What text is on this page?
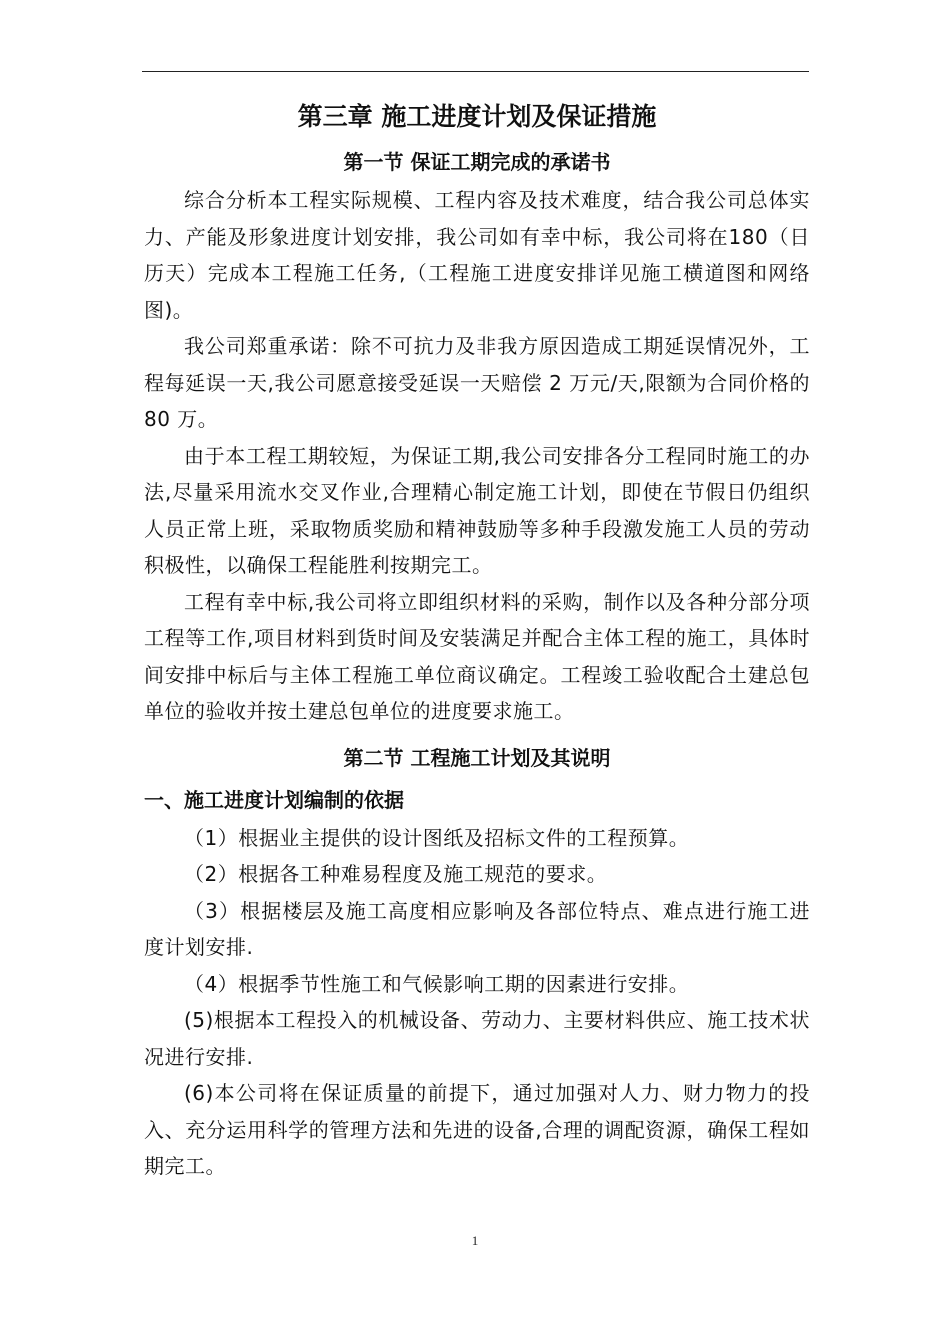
第三章 施工进度计划及保证措施
第一节 保证工期完成的承诺书

综合分析本工程实际规模、工程内容及技术难度，结合我公司总体实力、产能及形象进度计划安排，我公司如有幸中标，我公司将在180（日历天）完成本工程施工任务,（工程施工进度安排详见施工横道图和网络图)。

我公司郑重承诺：除不可抗力及非我方原因造成工期延误情况外，工程每延误一天,我公司愿意接受延误一天赔偿 2 万元/天,限额为合同价格的 80 万。

由于本工程工期较短，为保证工期,我公司安排各分工程同时施工的办法,尽量采用流水交叉作业,合理精心制定施工计划，即使在节假日仍组织人员正常上班，采取物质奖励和精神鼓励等多种手段激发施工人员的劳动积极性，以确保工程能胜利按期完工。

工程有幸中标,我公司将立即组织材料的采购，制作以及各种分部分项工程等工作,项目材料到货时间及安装满足并配合主体工程的施工，具体时间安排中标后与主体工程施工单位商议确定。工程竣工验收配合土建总包单位的验收并按土建总包单位的进度要求施工。

第二节 工程施工计划及其说明
一、施工进度计划编制的依据

（1）根据业主提供的设计图纸及招标文件的工程预算。

（2）根据各工种难易程度及施工规范的要求。

（3）根据楼层及施工高度相应影响及各部位特点、难点进行施工进度计划安排.

（4）根据季节性施工和气候影响工期的因素进行安排。

(5)根据本工程投入的机械设备、劳动力、主要材料供应、施工技术状况进行安排.

(6)本公司将在保证质量的前提下，通过加强对人力、财力物力的投入、充分运用科学的管理方法和先进的设备,合理的调配资源，确保工程如期完工。

1
